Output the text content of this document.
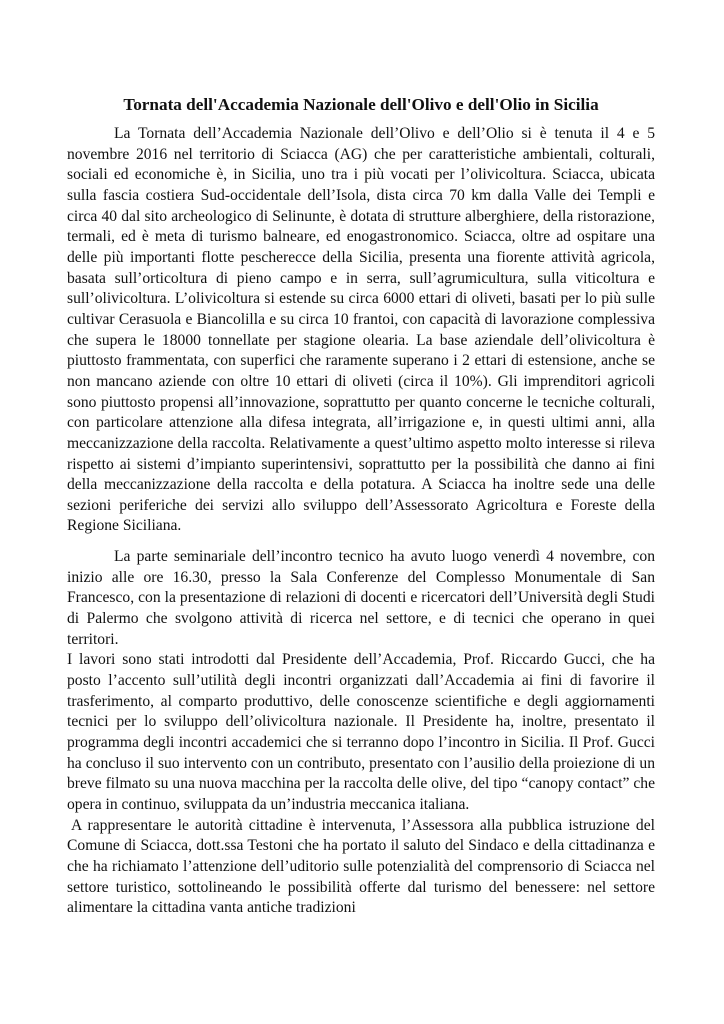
Tornata dell'Accademia Nazionale dell'Olivo e dell'Olio in Sicilia

La Tornata dell’Accademia Nazionale dell’Olivo e dell’Olio si è tenuta il 4 e 5 novembre 2016 nel territorio di Sciacca (AG) che per caratteristiche ambientali, colturali, sociali ed economiche è, in Sicilia, uno tra i più vocati per l’olivicoltura. Sciacca, ubicata sulla fascia costiera Sud-occidentale dell’Isola, dista circa 70 km dalla Valle dei Templi e circa 40 dal sito archeologico di Selinunte, è dotata di strutture alberghiere, della ristorazione, termali, ed è meta di turismo balneare, ed enogastronomico. Sciacca, oltre ad ospitare una delle più importanti flotte pescherecce della Sicilia, presenta una fiorente attività agricola, basata sull’orticoltura di pieno campo e in serra, sull’agrumicultura, sulla viticoltura e sull’olivicoltura. L’olivicoltura si estende su circa 6000 ettari di oliveti, basati per lo più sulle cultivar Cerasuola e Biancolilla e su circa 10 frantoi, con capacità di lavorazione complessiva che supera le 18000 tonnellate per stagione olearia. La base aziendale dell’olivicoltura è piuttosto frammentata, con superfici che raramente superano i 2 ettari di estensione, anche se non mancano aziende con oltre 10 ettari di oliveti (circa il 10%). Gli imprenditori agricoli sono piuttosto propensi all’innovazione, soprattutto per quanto concerne le tecniche colturali, con particolare attenzione alla difesa integrata, all’irrigazione e, in questi ultimi anni, alla meccanizzazione della raccolta. Relativamente a quest’ultimo aspetto molto interesse si rileva rispetto ai sistemi d’impianto superintensivi, soprattutto per la possibilità che danno ai fini della meccanizzazione della raccolta e della potatura. A Sciacca ha inoltre sede una delle sezioni periferiche dei servizi allo sviluppo dell’Assessorato Agricoltura e Foreste della Regione Siciliana.

La parte seminariale dell’incontro tecnico ha avuto luogo venerdì 4 novembre, con inizio alle ore 16.30, presso la Sala Conferenze del Complesso Monumentale di San Francesco, con la presentazione di relazioni di docenti e ricercatori dell’Università degli Studi di Palermo che svolgono attività di ricerca nel settore, e di tecnici che operano in quei territori.

I lavori sono stati introdotti dal Presidente dell’Accademia, Prof. Riccardo Gucci, che ha posto l’accento sull’utilità degli incontri organizzati dall’Accademia ai fini di favorire il trasferimento, al comparto produttivo, delle conoscenze scientifiche e degli aggiornamenti tecnici per lo sviluppo dell’olivicoltura nazionale. Il Presidente ha, inoltre, presentato il programma degli incontri accademici che si terranno dopo l’incontro in Sicilia. Il Prof. Gucci ha concluso il suo intervento con un contributo, presentato con l’ausilio della proiezione di un breve filmato su una nuova macchina per la raccolta delle olive, del tipo “canopy contact” che opera in continuo, sviluppata da un’industria meccanica italiana.

A rappresentare le autorità cittadine è intervenuta, l’Assessora alla pubblica istruzione del Comune di Sciacca, dott.ssa Testoni che ha portato il saluto del Sindaco e della cittadinanza e che ha richiamato l’attenzione dell’uditorio sulle potenzialità del comprensorio di Sciacca nel settore turistico, sottolineando le possibilità offerte dal turismo del benessere: nel settore alimentare la cittadina vanta antiche tradizioni
